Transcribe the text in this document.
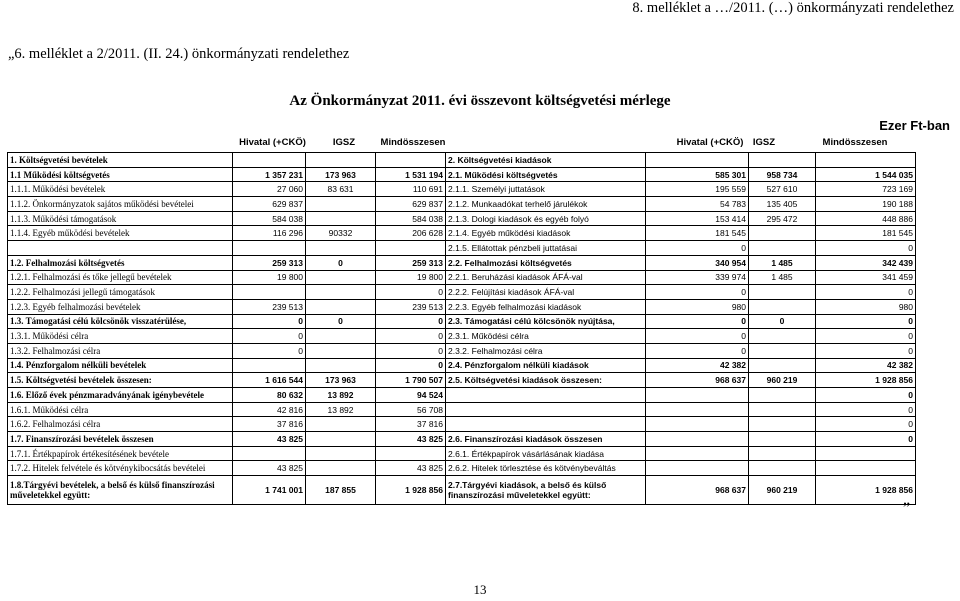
8. melléklet a …/2011. (…) önkormányzati rendelethez
„6. melléklet a 2/2011. (II. 24.) önkormányzati rendelethez
Az Önkormányzat 2011. évi összevont költségvetési mérlege
Ezer Ft-ban
Hivatal (+CKÖ)	IGSZ	Mindösszesen	Hivatal (+CKÖ)	IGSZ	Mindösszesen
1. Költségvetési bevételek				2. Költségvetési kiadások			
1.1 Működési költségvetés	1 357 231	173 963	1 531 194	2.1. Működési költségvetés	585 301	958 734	1 544 035
1.1.1. Működési bevételek	27 060	83 631	110 691	2.1.1. Személyi juttatások	195 559	527 610	723 169
1.1.2. Önkormányzatok sajátos működési bevételei	629 837		629 837	2.1.2. Munkaadókat terhelő járulékok	54 783	135 405	190 188
1.1.3. Működési támogatások	584 038		584 038	2.1.3. Dologi kiadások és egyéb folyó	153 414	295 472	448 886
1.1.4. Egyéb működési bevételek	116 296	90332	206 628	2.1.4. Egyéb működési kiadások	181 545		181 545
				2.1.5. Ellátottak pénzbeli juttatásai	0		0
1.2. Felhalmozási költségvetés	259 313	0	259 313	2.2. Felhalmozási költségvetés	340 954	1 485	342 439
1.2.1. Felhalmozási és tőke jellegű bevételek	19 800		19 800	2.2.1. Beruházási kiadások ÁFÁ-val	339 974	1 485	341 459
1.2.2. Felhalmozási jellegű támogatások			0	2.2.2. Felújítási kiadások ÁFÁ-val	0		0
1.2.3. Egyéb felhalmozási bevételek	239 513		239 513	2.2.3. Egyéb felhalmozási kiadások	980		980
1.3. Támogatási célú kölcsönök visszatérülése,	0	0	0	2.3. Támogatási célú kölcsönök nyújtása,	0	0	0
1.3.1. Működési célra	0		0	2.3.1. Működési célra	0		0
1.3.2. Felhalmozási célra	0		0	2.3.2. Felhalmozási célra	0		0
1.4. Pénzforgalom nélküli bevételek			0	2.4. Pénzforgalom nélküli kiadások	42 382		42 382
1.5. Költségvetési bevételek összesen:	1 616 544	173 963	1 790 507	2.5. Költségvetési kiadások összesen:	968 637	960 219	1 928 856
1.6. Előző évek pénzmaradványának igénybevétele	80 632	13 892	94 524				0
1.6.1. Működési célra	42 816	13 892	56 708				0
1.6.2. Felhalmozási célra	37 816		37 816				0
1.7. Finanszírozási bevételek összesen	43 825		43 825	2.6. Finanszírozási kiadások összesen			0
1.7.1. Értékpapírok értékesítésének bevétele				2.6.1. Értékpapírok vásárlásának kiadása			
1.7.2. Hitelek felvétele és kötvénykibocsátás bevételei	43 825		43 825	2.6.2. Hitelek törlesztése és kötvénybeváltás			
1.8.Tárgyévi bevételek, a belső és külső finanszírozási műveletekkel együtt:	1 741 001	187 855	1 928 856	2.7.Tárgyévi kiadások, a belső és külső finanszírozási műveletekkel együtt:	968 637	960 219	1 928 856
”
13
